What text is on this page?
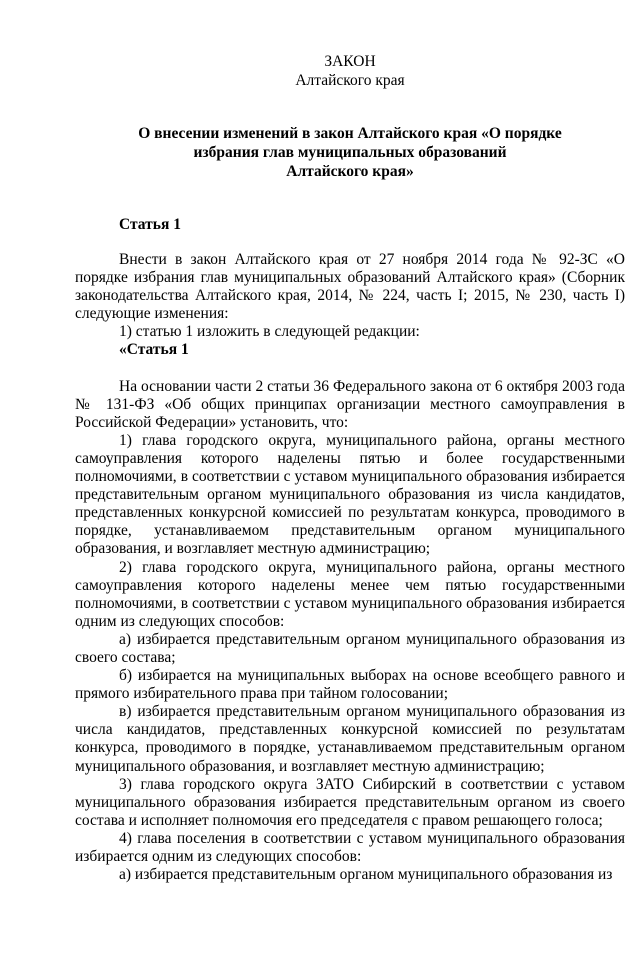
ЗАКОН
Алтайского края
О внесении изменений в закон Алтайского края «О порядке
избрания глав муниципальных образований
Алтайского края»
Статья 1

Внести в закон Алтайского края от 27 ноября 2014 года № 92-ЗС «О порядке избрания глав муниципальных образований Алтайского края» (Сборник законодательства Алтайского края, 2014, № 224, часть I; 2015, № 230, часть I) следующие изменения:

1) статью 1 изложить в следующей редакции:

«Статья 1

На основании части 2 статьи 36 Федерального закона от 6 октября 2003 года № 131-ФЗ «Об общих принципах организации местного самоуправления в Российской Федерации» установить, что:

1) глава городского округа, муниципального района, органы местного самоуправления которого наделены пятью и более государственными полномочиями, в соответствии с уставом муниципального образования избирается представительным органом муниципального образования из числа кандидатов, представленных конкурсной комиссией по результатам конкурса, проводимого в порядке, устанавливаемом представительным органом муниципального образования, и возглавляет местную администрацию;

2) глава городского округа, муниципального района, органы местного самоуправления которого наделены менее чем пятью государственными полномочиями, в соответствии с уставом муниципального образования избирается одним из следующих способов:

а) избирается представительным органом муниципального образования из своего состава;

б) избирается на муниципальных выборах на основе всеобщего равного и прямого избирательного права при тайном голосовании;

в) избирается представительным органом муниципального образования из числа кандидатов, представленных конкурсной комиссией по результатам конкурса, проводимого в порядке, устанавливаемом представительным органом муниципального образования, и возглавляет местную администрацию;

3) глава городского округа ЗАТО Сибирский в соответствии с уставом муниципального образования избирается представительным органом из своего состава и исполняет полномочия его председателя с правом решающего голоса;

4) глава поселения в соответствии с уставом муниципального образования избирается одним из следующих способов:

а) избирается представительным органом муниципального образования из
